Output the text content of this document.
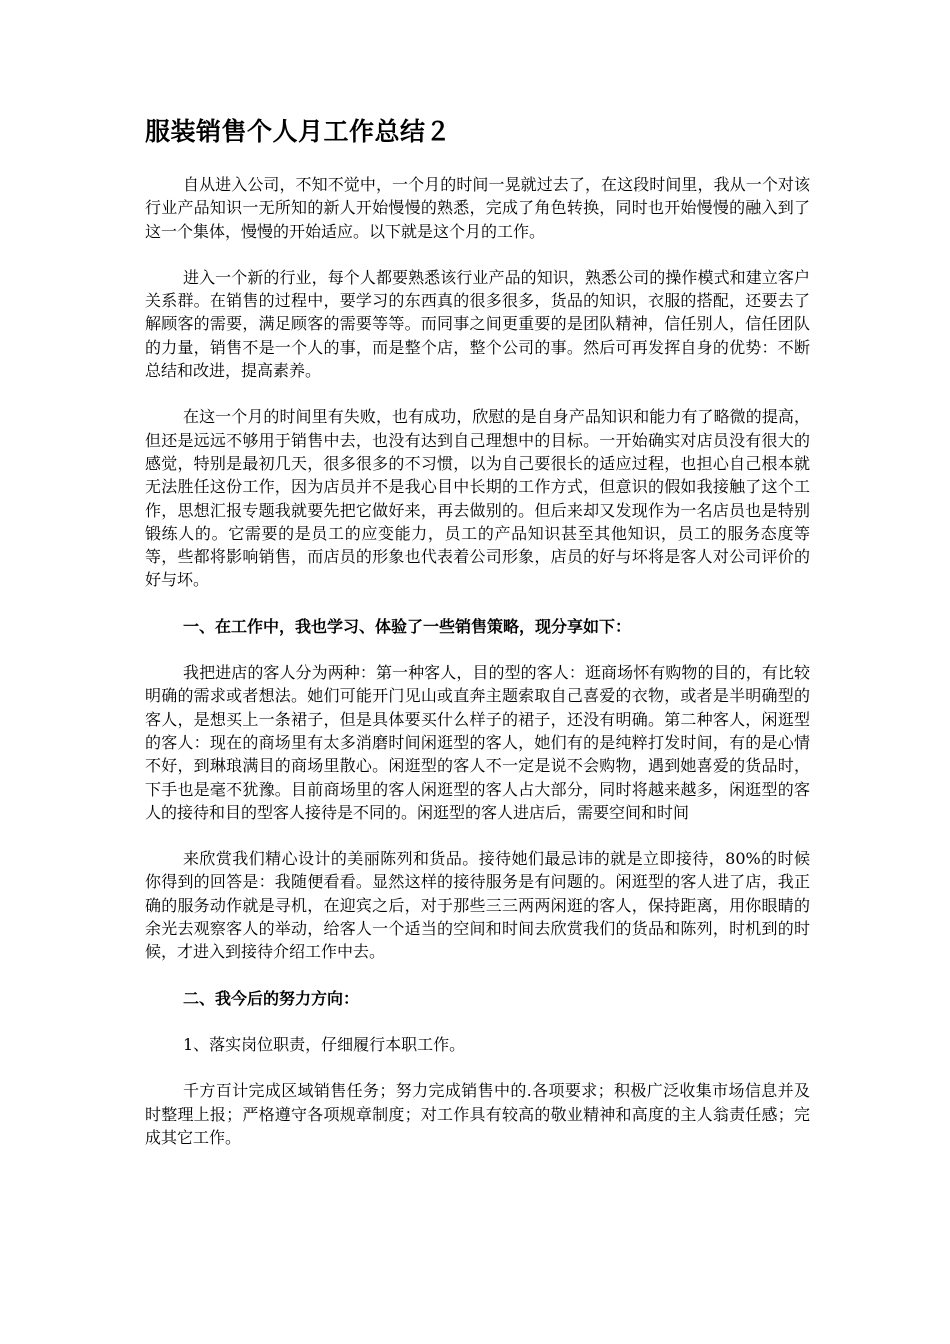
服装销售个人月工作总结２

自从进入公司，不知不觉中，一个月的时间一晃就过去了，在这段时间里，我从一个对该行业产品知识一无所知的新人开始慢慢的熟悉，完成了角色转换，同时也开始慢慢的融入到了这一个集体，慢慢的开始适应。以下就是这个月的工作。

进入一个新的行业，每个人都要熟悉该行业产品的知识，熟悉公司的操作模式和建立客户关系群。在销售的过程中，要学习的东西真的很多很多，货品的知识，衣服的搭配，还要去了解顾客的需要，满足顾客的需要等等。而同事之间更重要的是团队精神，信任别人，信任团队的力量，销售不是一个人的事，而是整个店，整个公司的事。然后可再发挥自身的优势：不断总结和改进，提高素养。

在这一个月的时间里有失败，也有成功，欣慰的是自身产品知识和能力有了略微的提高，但还是远远不够用于销售中去，也没有达到自己理想中的目标。一开始确实对店员没有很大的感觉，特别是最初几天，很多很多的不习惯，以为自己要很长的适应过程，也担心自己根本就无法胜任这份工作，因为店员并不是我心目中长期的工作方式，但意识的假如我接触了这个工作，思想汇报专题我就要先把它做好来，再去做别的。但后来却又发现作为一名店员也是特别锻练人的。它需要的是员工的应变能力，员工的产品知识甚至其他知识，员工的服务态度等等，些都将影响销售，而店员的形象也代表着公司形象，店员的好与坏将是客人对公司评价的好与坏。

一、在工作中，我也学习、体验了一些销售策略，现分享如下：

我把进店的客人分为两种：第一种客人，目的型的客人：逛商场怀有购物的目的，有比较明确的需求或者想法。她们可能开门见山或直奔主题索取自己喜爱的衣物，或者是半明确型的客人，是想买上一条裙子，但是具体要买什么样子的裙子，还没有明确。第二种客人，闲逛型的客人：现在的商场里有太多消磨时间闲逛型的客人，她们有的是纯粹打发时间，有的是心情不好，到琳琅满目的商场里散心。闲逛型的客人不一定是说不会购物，遇到她喜爱的货品时，下手也是毫不犹豫。目前商场里的客人闲逛型的客人占大部分，同时将越来越多，闲逛型的客人的接待和目的型客人接待是不同的。闲逛型的客人进店后，需要空间和时间

来欣赏我们精心设计的美丽陈列和货品。接待她们最忌讳的就是立即接待，80%的时候你得到的回答是：我随便看看。显然这样的接待服务是有问题的。闲逛型的客人进了店，我正确的服务动作就是寻机，在迎宾之后，对于那些三三两两闲逛的客人，保持距离，用你眼睛的余光去观察客人的举动，给客人一个适当的空间和时间去欣赏我们的货品和陈列，时机到的时候，才进入到接待介绍工作中去。

二、我今后的努力方向：

1、落实岗位职责，仔细履行本职工作。

千方百计完成区域销售任务；努力完成销售中的.各项要求；积极广泛收集市场信息并及时整理上报；严格遵守各项规章制度；对工作具有较高的敬业精神和高度的主人翁责任感；完成其它工作。
